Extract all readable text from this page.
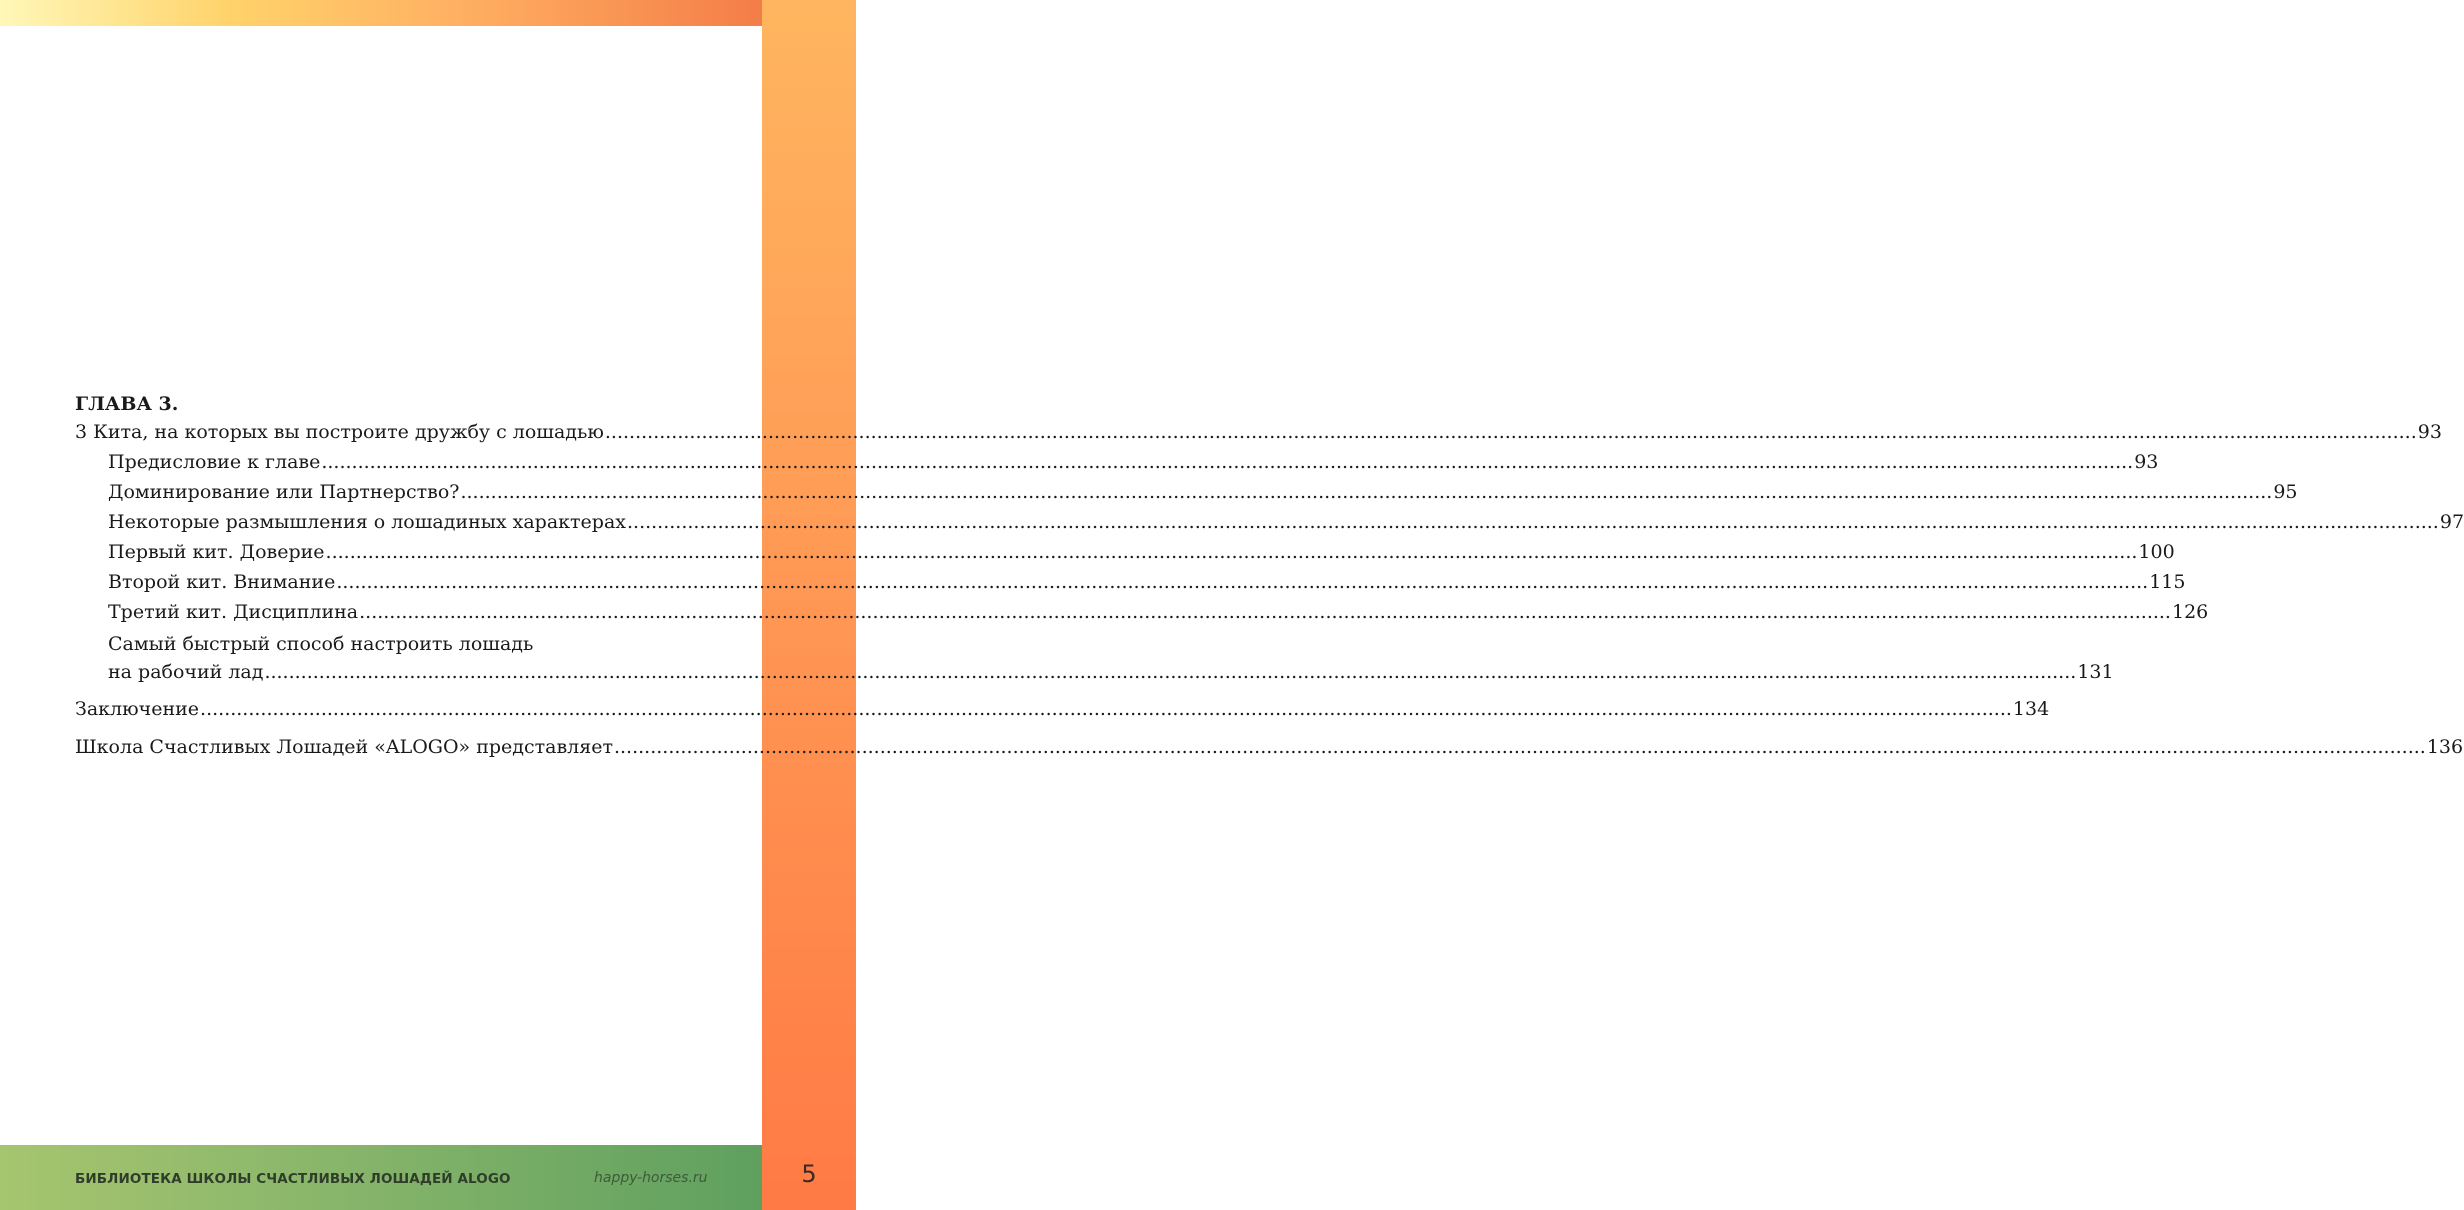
ГЛАВА 3.
3 Кита, на которых вы построите дружбу с лошадью ............................................................................................................................................................................................................................................................................................................ 93
Предисловие к главе ............................................................................................................................................................................................................................................................................................................ 93
Доминирование или Партнерство? ............................................................................................................................................................................................................................................................................................................ 95
Некоторые размышления о лошадиных характерах ............................................................................................................................................................................................................................................................................................................ 97
Первый кит. Доверие ............................................................................................................................................................................................................................................................................................................ 100
Второй кит. Внимание ............................................................................................................................................................................................................................................................................................................ 115
Третий кит. Дисциплина ............................................................................................................................................................................................................................................................................................................ 126
Самый быстрый способ настроить лошадь
на рабочий лад ............................................................................................................................................................................................................................................................................................................ 131
Заключение ............................................................................................................................................................................................................................................................................................................ 134
Школа Счастливых Лошадей «ALOGO» представляет ............................................................................................................................................................................................................................................................................................................ 136
БИБЛИОТЕКА ШКОЛЫ СЧАСТЛИВЫХ ЛОШАДЕЙ ALOGO	happy-horses.ru	5
